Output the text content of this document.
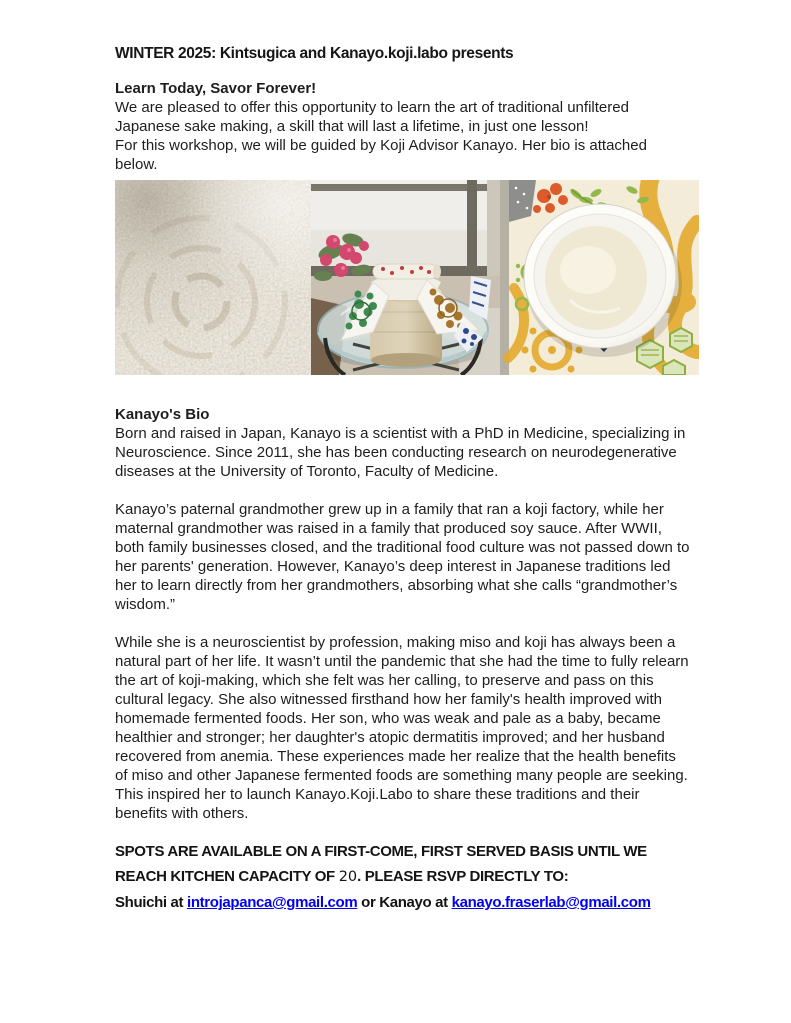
WINTER 2025: Kintsugica and Kanayo.koji.labo presents
Learn Today, Savor Forever!
We are pleased to offer this opportunity to learn the art of traditional unfiltered Japanese sake making, a skill that will last a lifetime, in just one lesson!
For this workshop, we will be guided by Koji Advisor Kanayo. Her bio is attached below.
Kanayo's Bio
Born and raised in Japan, Kanayo is a scientist with a PhD in Medicine, specializing in Neuroscience. Since 2011, she has been conducting research on neurodegenerative diseases at the University of Toronto, Faculty of Medicine.
Kanayo’s paternal grandmother grew up in a family that ran a koji factory, while her maternal grandmother was raised in a family that produced soy sauce. After WWII, both family businesses closed, and the traditional food culture was not passed down to her parents' generation. However, Kanayo’s deep interest in Japanese traditions led her to learn directly from her grandmothers, absorbing what she calls “grandmother’s wisdom.”
While she is a neuroscientist by profession, making miso and koji has always been a natural part of her life. It wasn’t until the pandemic that she had the time to fully relearn the art of koji-making, which she felt was her calling, to preserve and pass on this cultural legacy. She also witnessed firsthand how her family's health improved with homemade fermented foods. Her son, who was weak and pale as a baby, became healthier and stronger; her daughter's atopic dermatitis improved; and her husband recovered from anemia. These experiences made her realize that the health benefits of miso and other Japanese fermented foods are something many people are seeking.
This inspired her to launch Kanayo.Koji.Labo to share these traditions and their benefits with others.
SPOTS ARE AVAILABLE ON A FIRST-COME, FIRST SERVED BASIS UNTIL WE
REACH KITCHEN CAPACITY OF 20. PLEASE RSVP DIRECTLY TO:
Shuichi at introjapanca@gmail.com or Kanayo at kanayo.fraserlab@gmail.com
